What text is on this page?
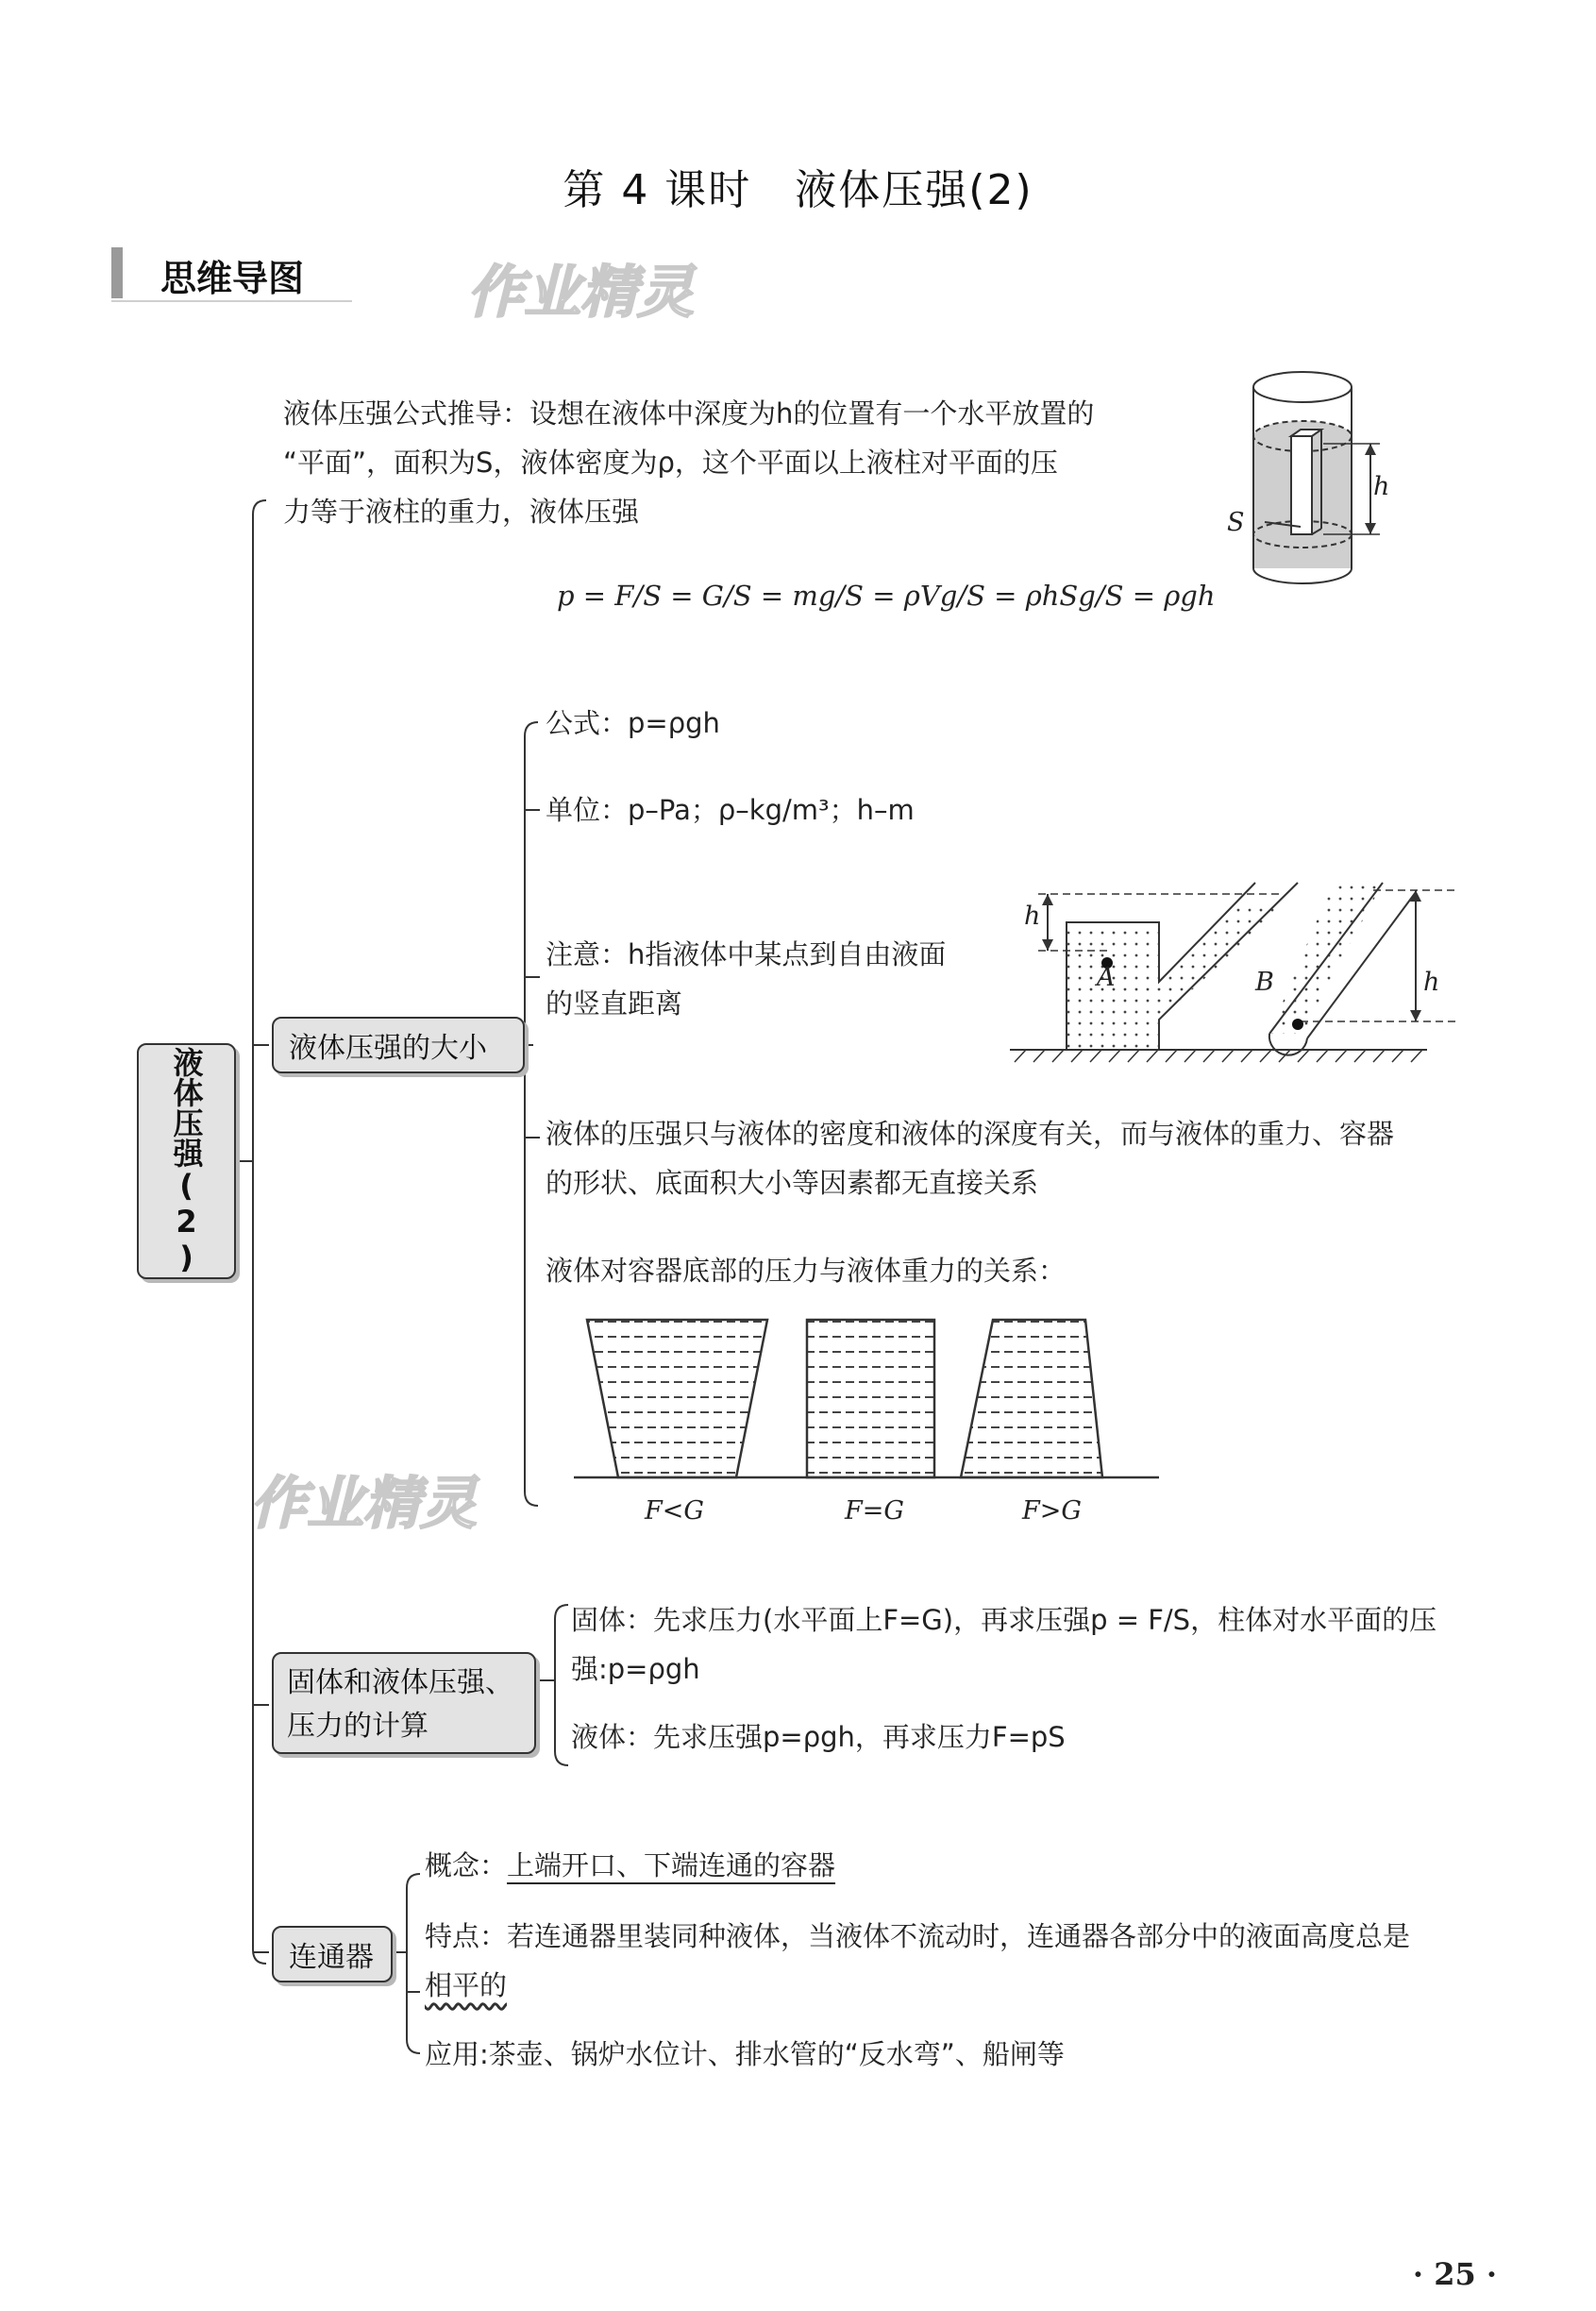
第 4 课时　液体压强(2)
思维导图	作业精灵
作业精灵
h
S
h
A	B	h
F<G	F=G	F>G
液体压强(2)
液体压强公式推导：设想在液体中深度为h的位置有一个水平放置的
“平面”，面积为S，液体密度为ρ，这个平面以上液柱对平面的压
力等于液柱的重力，液体压强
p = F/S = G/S = mg/S = ρVg/S = ρhSg/S = ρgh
液体压强的大小
公式：p=ρgh
单位：p–Pa；ρ–kg/m³；h–m
注意：h指液体中某点到自由液面
的竖直距离
液体的压强只与液体的密度和液体的深度有关，而与液体的重力、容器
的形状、底面积大小等因素都无直接关系
液体对容器底部的压力与液体重力的关系：
固体和液体压强、
压力的计算
固体：先求压力(水平面上F=G)，再求压强p = F/S，柱体对水平面的压
强:p=ρgh
液体：先求压强p=ρgh，再求压力F=pS
连通器
概念：上端开口、下端连通的容器
特点：若连通器里装同种液体，当液体不流动时，连通器各部分中的液面高度总是
相平的
应用:茶壶、锅炉水位计、排水管的“反水弯”、船闸等
· 25 ·
